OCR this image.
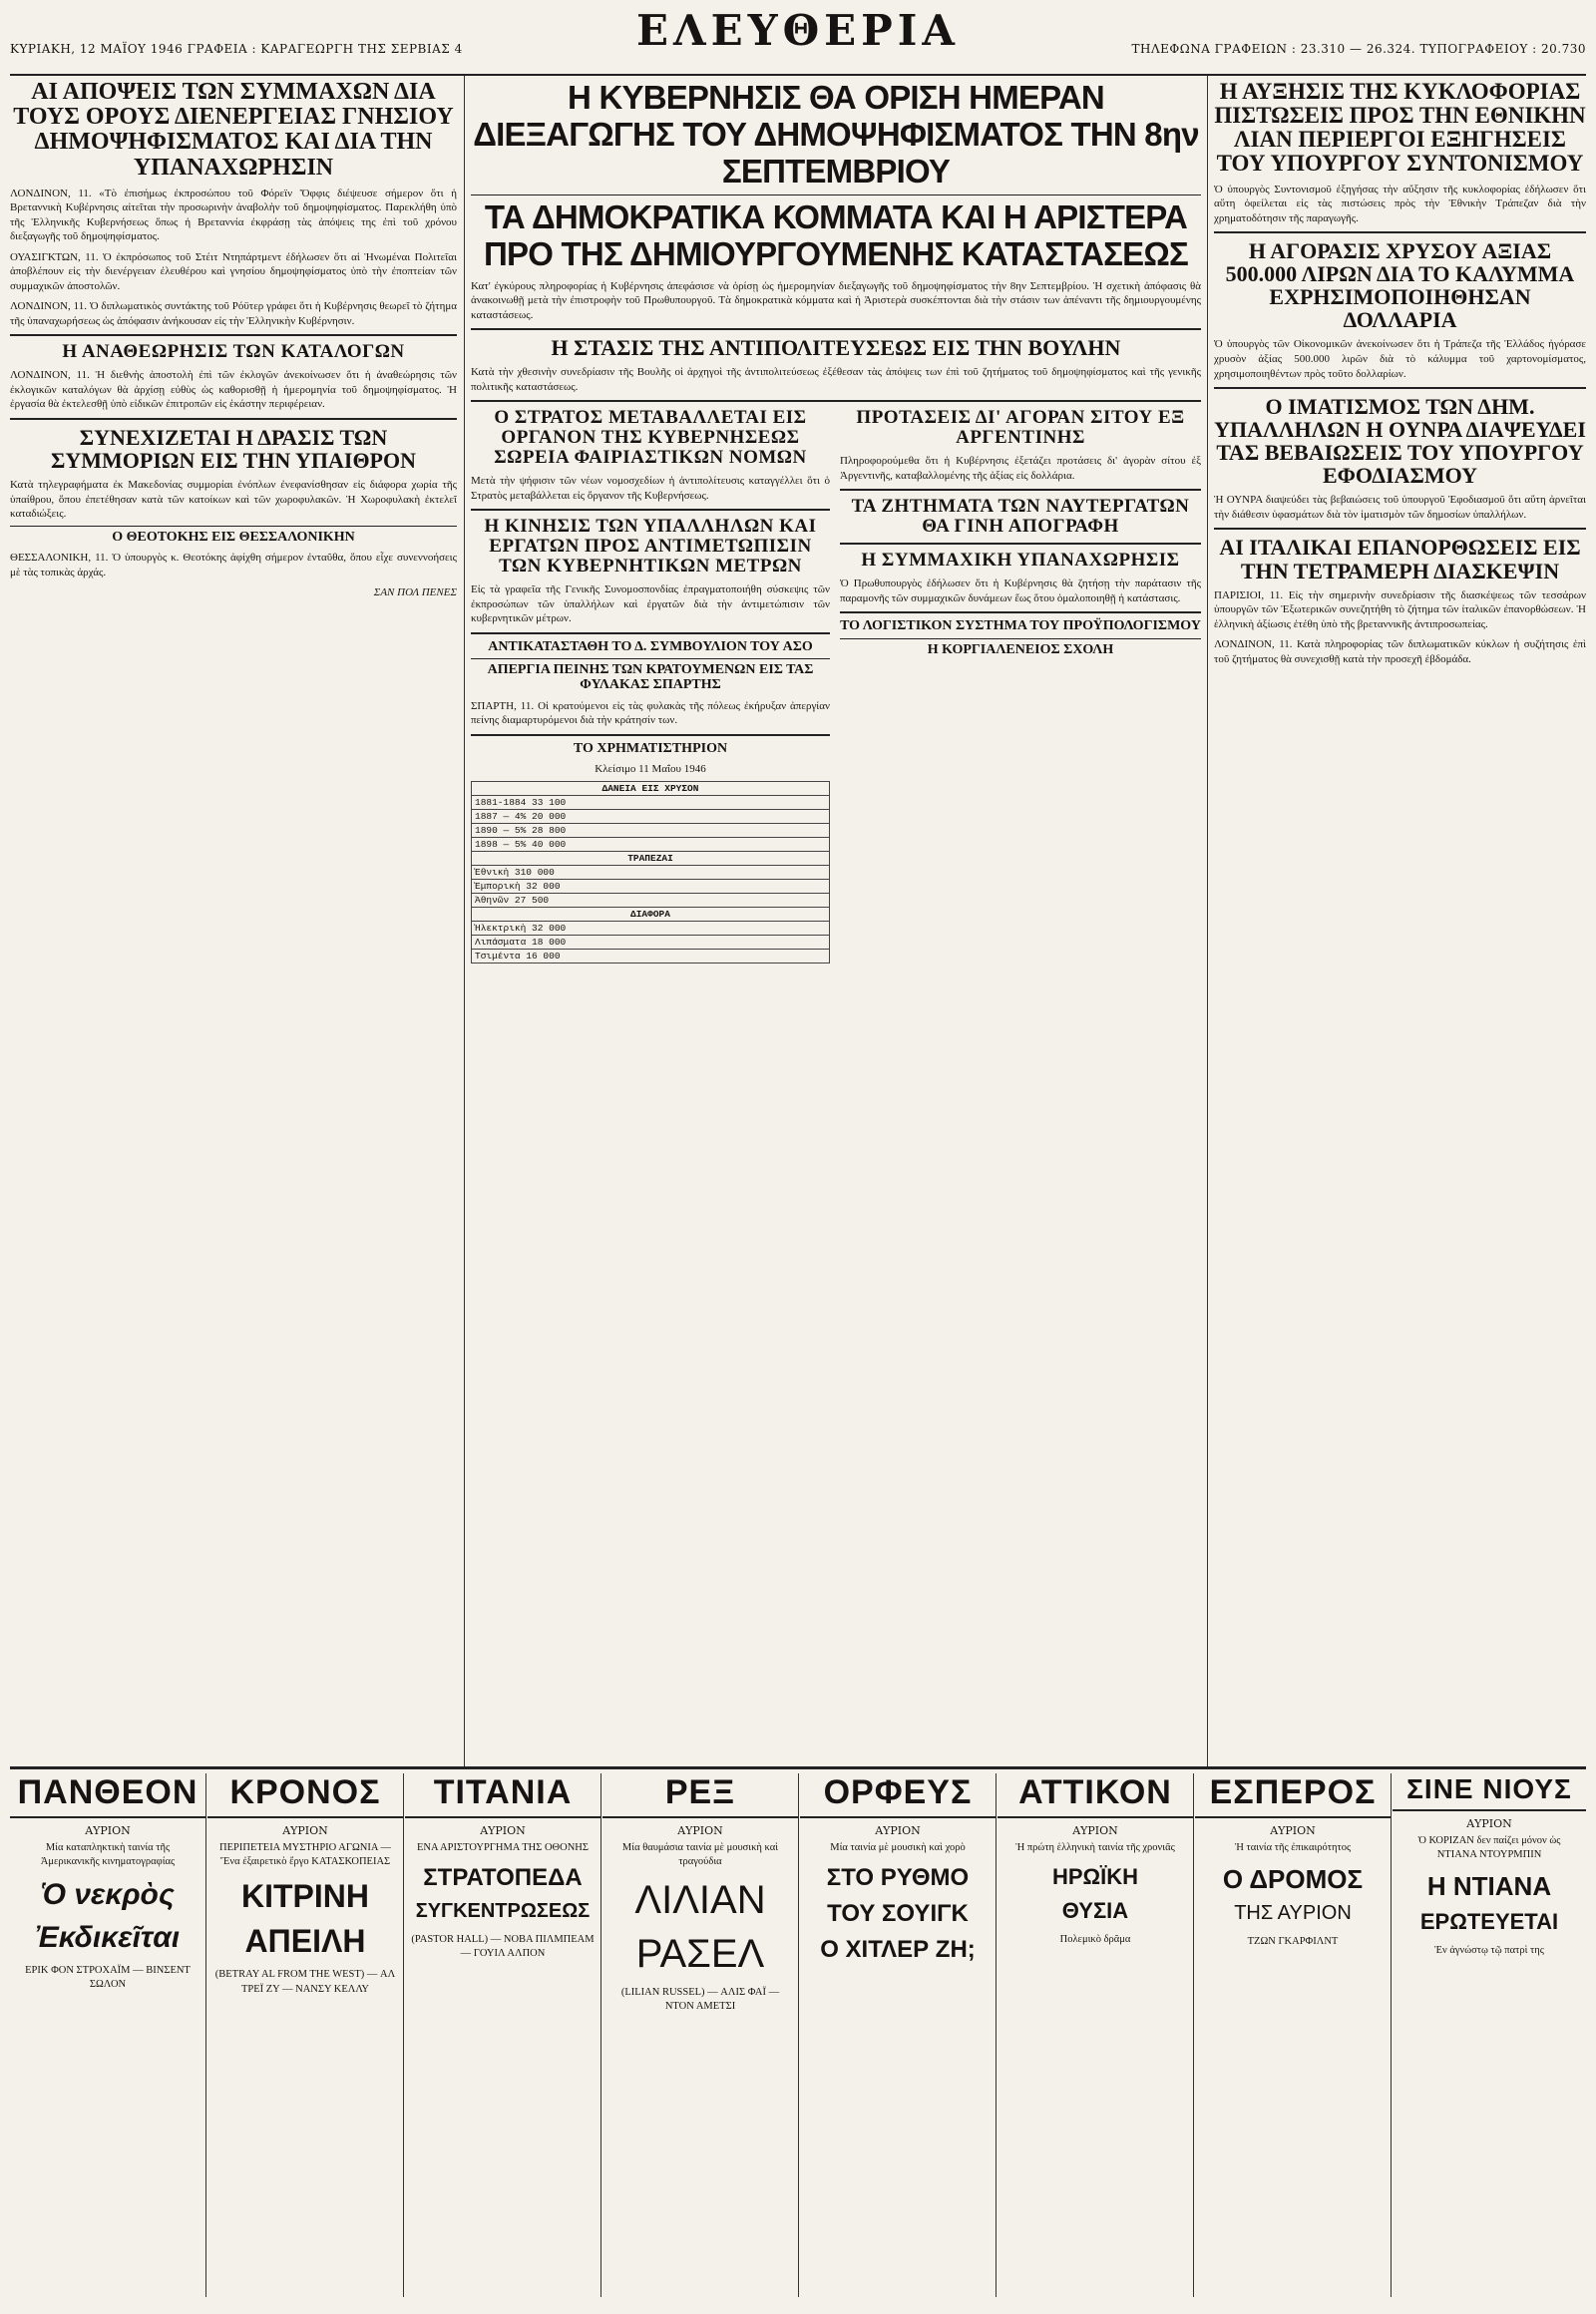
ΚΥΡΙΑΚΗ, 12 ΜΑΪΟΥ 1946 ΓΡΑΦΕΙΑ : ΚΑΡΑΓΕΩΡΓΗ ΤΗΣ ΣΕΡΒΙΑΣ 4	ΕΛΕΥΘΕΡΙΑ	ΤΗΛΕΦΩΝΑ ΓΡΑΦΕΙΩΝ : 23.310 — 26.324. ΤΥΠΟΓΡΑΦΕΙΟΥ : 20.730
ΑΙ ΑΠΟΨΕΙΣ ΤΩΝ ΣΥΜΜΑΧΩΝ ΔΙΑ ΤΟΥΣ ΟΡΟΥΣ ΔΙΕΝΕΡΓΕΙΑΣ ΓΝΗΣΙΟΥ ΔΗΜΟΨΗΦΙΣΜΑΤΟΣ ΚΑΙ ΔΙΑ ΤΗΝ ΥΠΑΝΑΧΩΡΗΣΙΝ
ΛΟΝΔΙΝΟΝ, 11. «Τὸ ἐπισήμως ἐκπροσώπου τοῦ Φόρεϊν Ὄφφις διέψευσε σήμερον ὅτι ἡ Βρεταννικὴ Κυβέρνησις αἰτεῖται τὴν προσωρινὴν ἀναβολὴν τοῦ δημοψηφίσματος. Παρεκλήθη ὑπὸ τῆς Ἑλληνικῆς Κυβερνήσεως ὅπως ἡ Βρεταννία ἐκφράσῃ τὰς ἀπόψεις της ἐπὶ τοῦ χρόνου διεξαγωγῆς τοῦ δημοψηφίσματος.
ΟΥΑΣΙΓΚΤΩΝ, 11. Ὁ ἐκπρόσωπος τοῦ Στέιτ Ντηπάρτμεντ ἐδήλωσεν ὅτι αἱ Ἡνωμέναι Πολιτεῖαι ἀποβλέπουν εἰς τὴν διενέργειαν ἐλευθέρου καὶ γνησίου δημοψηφίσματος ὑπὸ τὴν ἐποπτείαν τῶν συμμαχικῶν ἀποστολῶν.
ΛΟΝΔΙΝΟΝ, 11. Ὁ διπλωματικὸς συντάκτης τοῦ Ρόϋτερ γράφει ὅτι ἡ Κυβέρνησις θεωρεῖ τὸ ζήτημα τῆς ὑπαναχωρήσεως ὡς ἀπόφασιν ἀνήκουσαν εἰς τὴν Ἑλληνικὴν Κυβέρνησιν.
Η ΑΝΑΘΕΩΡΗΣΙΣ ΤΩΝ ΚΑΤΑΛΟΓΩΝ
ΛΟΝΔΙΝΟΝ, 11. Ἡ διεθνὴς ἀποστολὴ ἐπὶ τῶν ἐκλογῶν ἀνεκοίνωσεν ὅτι ἡ ἀναθεώρησις τῶν ἐκλογικῶν καταλόγων θὰ ἀρχίσῃ εὐθὺς ὡς καθορισθῇ ἡ ἡμερομηνία τοῦ δημοψηφίσματος. Ἡ ἐργασία θὰ ἐκτελεσθῇ ὑπὸ εἰδικῶν ἐπιτροπῶν εἰς ἑκάστην περιφέρειαν.
ΣΥΝΕΧΙΖΕΤΑΙ Η ΔΡΑΣΙΣ ΤΩΝ ΣΥΜΜΟΡΙΩΝ ΕΙΣ ΤΗΝ ΥΠΑΙΘΡΟΝ
Κατὰ τηλεγραφήματα ἐκ Μακεδονίας συμμορίαι ἐνόπλων ἐνεφανίσθησαν εἰς διάφορα χωρία τῆς ὑπαίθρου, ὅπου ἐπετέθησαν κατὰ τῶν κατοίκων καὶ τῶν χωροφυλακῶν. Ἡ Χωροφυλακὴ ἐκτελεῖ καταδιώξεις.
Ο ΘΕΟΤΟΚΗΣ ΕΙΣ ΘΕΣΣΑΛΟΝΙΚΗΝ
ΘΕΣΣΑΛΟΝΙΚΗ, 11. Ὁ ὑπουργὸς κ. Θεοτόκης ἀφίχθη σήμερον ἐνταῦθα, ὅπου εἶχε συνεννοήσεις μὲ τὰς τοπικὰς ἀρχάς.
ΣΑΝ ΠΟΛ ΠΕΝΕΣ
Η ΚΥΒΕΡΝΗΣΙΣ ΘΑ ΟΡΙΣΗ ΗΜΕΡΑΝ ΔΙΕΞΑΓΩΓΗΣ ΤΟΥ ΔΗΜΟΨΗΦΙΣΜΑΤΟΣ ΤΗΝ 8ην ΣΕΠΤΕΜΒΡΙΟΥ
ΤΑ ΔΗΜΟΚΡΑΤΙΚΑ ΚΟΜΜΑΤΑ ΚΑΙ Η ΑΡΙΣΤΕΡΑ ΠΡΟ ΤΗΣ ΔΗΜΙΟΥΡΓΟΥΜΕΝΗΣ ΚΑΤΑΣΤΑΣΕΩΣ
Κατ' ἐγκύρους πληροφορίας ἡ Κυβέρνησις ἀπεφάσισε νὰ ὁρίσῃ ὡς ἡμερομηνίαν διεξαγωγῆς τοῦ δημοψηφίσματος τὴν 8ην Σεπτεμβρίου. Ἡ σχετικὴ ἀπόφασις θὰ ἀνακοινωθῇ μετὰ τὴν ἐπιστροφὴν τοῦ Πρωθυπουργοῦ. Τὰ δημοκρατικὰ κόμματα καὶ ἡ Ἀριστερὰ συσκέπτονται διὰ τὴν στάσιν των ἀπέναντι τῆς δημιουργουμένης καταστάσεως.
Η ΣΤΑΣΙΣ ΤΗΣ ΑΝΤΙΠΟΛΙΤΕΥΣΕΩΣ ΕΙΣ ΤΗΝ ΒΟΥΛΗΝ
Κατὰ τὴν χθεσινὴν συνεδρίασιν τῆς Βουλῆς οἱ ἀρχηγοὶ τῆς ἀντιπολιτεύσεως ἐξέθεσαν τὰς ἀπόψεις των ἐπὶ τοῦ ζητήματος τοῦ δημοψηφίσματος καὶ τῆς γενικῆς πολιτικῆς καταστάσεως.
Ο ΣΤΡΑΤΟΣ ΜΕΤΑΒΑΛΛΕΤΑΙ ΕΙΣ ΟΡΓΑΝΟΝ ΤΗΣ ΚΥΒΕΡΝΗΣΕΩΣ ΣΩΡΕΙΑ ΦΑΙΡΙΑΣΤΙΚΩΝ ΝΟΜΩΝ
Μετὰ τὴν ψήφισιν τῶν νέων νομοσχεδίων ἡ ἀντιπολίτευσις καταγγέλλει ὅτι ὁ Στρατὸς μεταβάλλεται εἰς ὄργανον τῆς Κυβερνήσεως.
Η ΚΙΝΗΣΙΣ ΤΩΝ ΥΠΑΛΛΗΛΩΝ ΚΑΙ ΕΡΓΑΤΩΝ ΠΡΟΣ ΑΝΤΙΜΕΤΩΠΙΣΙΝ ΤΩΝ ΚΥΒΕΡΝΗΤΙΚΩΝ ΜΕΤΡΩΝ
Εἰς τὰ γραφεῖα τῆς Γενικῆς Συνομοσπονδίας ἐπραγματοποιήθη σύσκεψις τῶν ἐκπροσώπων τῶν ὑπαλλήλων καὶ ἐργατῶν διὰ τὴν ἀντιμετώπισιν τῶν κυβερνητικῶν μέτρων.
ΑΝΤΙΚΑΤΑΣΤΑΘΗ ΤΟ Δ. ΣΥΜΒΟΥΛΙΟΝ ΤΟΥ ΑΣΟ
ΑΠΕΡΓΙΑ ΠΕΙΝΗΣ ΤΩΝ ΚΡΑΤΟΥΜΕΝΩΝ ΕΙΣ ΤΑΣ ΦΥΛΑΚΑΣ ΣΠΑΡΤΗΣ
ΣΠΑΡΤΗ, 11. Οἱ κρατούμενοι εἰς τὰς φυλακὰς τῆς πόλεως ἐκήρυξαν ἀπεργίαν πείνης διαμαρτυρόμενοι διὰ τὴν κράτησίν των.
ΤΟ ΧΡΗΜΑΤΙΣΤΗΡΙΟΝ
Κλείσιμο 11 Μαΐου 1946
ΔΑΝΕΙΑ ΕΙΣ ΧΡΥΣΟΝ
1881-1884 33 100
1887 — 4% 20 000
1890 — 5% 28 800
1898 — 5% 40 000
ΤΡΑΠΕΖΑΙ
Ἐθνικὴ 310 000
Ἐμπορικὴ 32 000
Ἀθηνῶν 27 500
ΔΙΑΦΟΡΑ
Ἠλεκτρικὴ 32 000
Λιπάσματα 18 000
Τσιμέντα 16 000
ΠΡΟΤΑΣΕΙΣ ΔΙ' ΑΓΟΡΑΝ ΣΙΤΟΥ ΕΞ ΑΡΓΕΝΤΙΝΗΣ
Πληροφορούμεθα ὅτι ἡ Κυβέρνησις ἐξετάζει προτάσεις δι' ἀγορὰν σίτου ἐξ Ἀργεντινῆς, καταβαλλομένης τῆς ἀξίας εἰς δολλάρια.
ΤΑ ΖΗΤΗΜΑΤΑ ΤΩΝ ΝΑΥΤΕΡΓΑΤΩΝ ΘΑ ΓΙΝΗ ΑΠΟΓΡΑΦΗ
Η ΣΥΜΜΑΧΙΚΗ ΥΠΑΝΑΧΩΡΗΣΙΣ
Ὁ Πρωθυπουργὸς ἐδήλωσεν ὅτι ἡ Κυβέρνησις θὰ ζητήσῃ τὴν παράτασιν τῆς παραμονῆς τῶν συμμαχικῶν δυνάμεων ἕως ὅτου ὁμαλοποιηθῇ ἡ κατάστασις.
ΤΟ ΛΟΓΙΣΤΙΚΟΝ ΣΥΣΤΗΜΑ ΤΟΥ ΠΡΟΫΠΟΛΟΓΙΣΜΟΥ
Η ΚΟΡΓΙΑΛΕΝΕΙΟΣ ΣΧΟΛΗ
Η ΑΥΞΗΣΙΣ ΤΗΣ ΚΥΚΛΟΦΟΡΙΑΣ ΠΙΣΤΩΣΕΙΣ ΠΡΟΣ ΤΗΝ ΕΘΝΙΚΗΝ ΛΙΑΝ ΠΕΡΙΕΡΓΟΙ ΕΞΗΓΗΣΕΙΣ ΤΟΥ ΥΠΟΥΡΓΟΥ ΣΥΝΤΟΝΙΣΜΟΥ
Ὁ ὑπουργὸς Συντονισμοῦ ἐξηγήσας τὴν αὔξησιν τῆς κυκλοφορίας ἐδήλωσεν ὅτι αὕτη ὀφείλεται εἰς τὰς πιστώσεις πρὸς τὴν Ἐθνικὴν Τράπεζαν διὰ τὴν χρηματοδότησιν τῆς παραγωγῆς.
Η ΑΓΟΡΑΣΙΣ ΧΡΥΣΟΥ ΑΞΙΑΣ 500.000 ΛΙΡΩΝ ΔΙΑ ΤΟ ΚΑΛΥΜΜΑ ΕΧΡΗΣΙΜΟΠΟΙΗΘΗΣΑΝ ΔΟΛΛΑΡΙΑ
Ὁ ὑπουργὸς τῶν Οἰκονομικῶν ἀνεκοίνωσεν ὅτι ἡ Τράπεζα τῆς Ἑλλάδος ἠγόρασε χρυσὸν ἀξίας 500.000 λιρῶν διὰ τὸ κάλυμμα τοῦ χαρτονομίσματος, χρησιμοποιηθέντων πρὸς τοῦτο δολλαρίων.
Ο ΙΜΑΤΙΣΜΟΣ ΤΩΝ ΔΗΜ. ΥΠΑΛΛΗΛΩΝ Η ΟΥΝΡΑ ΔΙΑΨΕΥΔΕΙ ΤΑΣ ΒΕΒΑΙΩΣΕΙΣ ΤΟΥ ΥΠΟΥΡΓΟΥ ΕΦΟΔΙΑΣΜΟΥ
Ἡ ΟΥΝΡΑ διαψεύδει τὰς βεβαιώσεις τοῦ ὑπουργοῦ Ἐφοδιασμοῦ ὅτι αὕτη ἀρνεῖται τὴν διάθεσιν ὑφασμάτων διὰ τὸν ἱματισμὸν τῶν δημοσίων ὑπαλλήλων.
ΑΙ ΙΤΑΛΙΚΑΙ ΕΠΑΝΟΡΘΩΣΕΙΣ ΕΙΣ ΤΗΝ ΤΕΤΡΑΜΕΡΗ ΔΙΑΣΚΕΨΙΝ
ΠΑΡΙΣΙΟΙ, 11. Εἰς τὴν σημερινὴν συνεδρίασιν τῆς διασκέψεως τῶν τεσσάρων ὑπουργῶν τῶν Ἐξωτερικῶν συνεζητήθη τὸ ζήτημα τῶν ἰταλικῶν ἐπανορθώσεων. Ἡ ἑλληνικὴ ἀξίωσις ἐτέθη ὑπὸ τῆς βρεταννικῆς ἀντιπροσωπείας.
ΛΟΝΔΙΝΟΝ, 11. Κατὰ πληροφορίας τῶν διπλωματικῶν κύκλων ἡ συζήτησις ἐπὶ τοῦ ζητήματος θὰ συνεχισθῇ κατὰ τὴν προσεχῆ ἑβδομάδα.
ΠΑΝΘΕΟΝ
ΑΥΡΙΟΝ
Μία καταπληκτικὴ ταινία τῆς Ἀμερικανικῆς κινηματογραφίας
Ὁ νεκρὸς
Ἐκδικεῖται
ΕΡΙΚ ΦΟΝ ΣΤΡΟΧΑΪΜ — ΒΙΝΣΕΝΤ ΣΩΛΟΝ
ΚΡΟΝΟΣ
ΑΥΡΙΟΝ
ΠΕΡΙΠΕΤΕΙΑ ΜΥΣΤΗΡΙΟ ΑΓΩΝΙΑ — Ἕνα ἐξαιρετικὸ ἔργο ΚΑΤΑΣΚΟΠΕΙΑΣ
ΚΙΤΡΙΝΗ
ΑΠΕΙΛΗ
(BETRAY AL FROM THE WEST) — ΑΛ ΤΡΕΪ ΖΥ — ΝΑΝΣΥ ΚΕΛΛΥ
ΤΙΤΑΝΙΑ
ΑΥΡΙΟΝ
ΕΝΑ ΑΡΙΣΤΟΥΡΓΗΜΑ ΤΗΣ ΟΘΟΝΗΣ
ΣΤΡΑΤΟΠΕΔΑ
ΣΥΓΚΕΝΤΡΩΣΕΩΣ
(PASTOR HALL) — ΝΟΒΑ ΠΙΛΜΠΕΑΜ — ΓΟΥΙΛ ΑΛΠΟΝ
ΡΕΞ
ΑΥΡΙΟΝ
Μία θαυμάσια ταινία μὲ μουσικὴ καὶ τραγούδια
ΛΙΛΙΑΝ
ΡΑΣΕΛ
(LILIAN RUSSEL) — ΑΛΙΣ ΦΑΪ — ΝΤΟΝ ΑΜΕΤΣΙ
ΟΡΦΕΥΣ
ΑΥΡΙΟΝ
Μία ταινία μὲ μουσικὴ καὶ χορὸ
ΣΤΟ ΡΥΘΜΟ
ΤΟΥ ΣΟΥΙΓΚ
Ο ΧΙΤΛΕΡ ΖΗ;
ΑΤΤΙΚΟΝ
ΑΥΡΙΟΝ
Ἡ πρώτη ἑλληνικὴ ταινία τῆς χρονιᾶς
ΗΡΩΪΚΗ
ΘΥΣΙΑ
Πολεμικὸ δρᾶμα
ΕΣΠΕΡΟΣ
ΑΥΡΙΟΝ
Ἡ ταινία τῆς ἐπικαιρότητος
Ο ΔΡΟΜΟΣ
ΤΗΣ ΑΥΡΙΟΝ
ΤΖΩΝ ΓΚΑΡΦΙΛΝΤ
ΣΙΝΕ ΝΙΟΥΣ
ΑΥΡΙΟΝ
Ὁ ΚΟΡΙΖΑΝ δεν παίζει μόνον ὡς ΝΤΙΑΝΑ ΝΤΟΥΡΜΠΙΝ
Η ΝΤΙΑΝΑ
ΕΡΩΤΕΥΕΤΑΙ
Ἐν ἀγνώστῳ τῷ πατρὶ της
